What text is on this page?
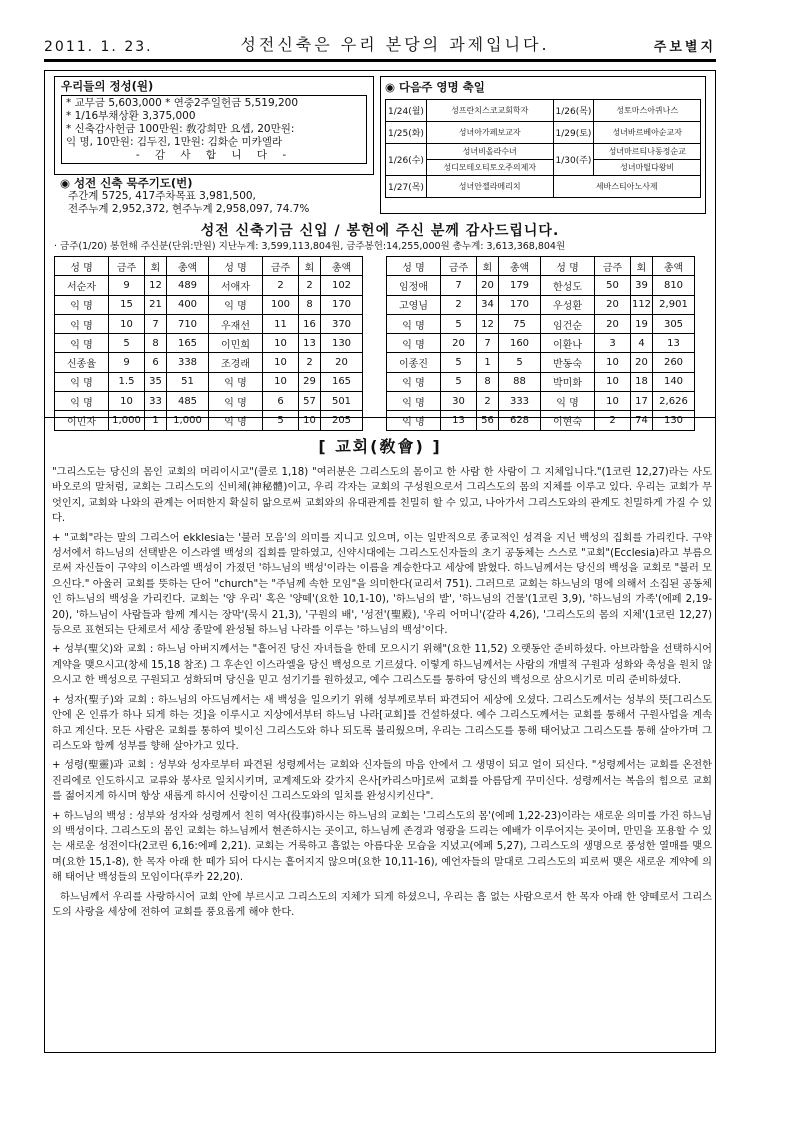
2011. 1. 23.	성전신축은 우리 본당의 과제입니다.	주보별지
우리들의 정성(원)
* 교무금 5,603,000 * 연중2주일헌금 5,519,200
* 1/16부채상환 3,375,000
* 신축감사헌금 100만원: 敎강희만 요셉, 20만원:
익 명, 10만원: 김두진, 1만원: 김화순 미카엘라
- 감 사 합 니 다 -
◉ 성전 신축 묵주기도(번)
주간계 5725, 417주차목표 3,981,500,
전주누계 2,952,372, 현주누계 2,958,097, 74.7%
◉ 다음주 영명 축일
1/24(월)	성프란치스코교회학자	1/26(목)	성토마스아퀴나스
1/25(화)	성녀아가페보교자	1/29(토)	성녀바르베아순교자
1/26(수)	성녀비올라수녀	1/30(주)	성녀마르티나동정순교
	성디모테오티토오주의제자		성녀마틸다왕비
1/27(목)	성녀안젤라메리치	세바스티아노사제	
성전 신축기금 신입 / 봉헌에 주신 분께 감사드립니다.
· 금주(1/20) 봉헌해 주신분(단위:만원) 지난누계: 3,599,113,804원, 금주봉헌:14,255,000원 총누계: 3,613,368,804원
성 명	금주	회	총액	성 명	금주	회	총액
서순자	9	12	489	서애자	2	2	102
익 명	15	21	400	익 명	100	8	170
익 명	10	7	710	우재선	11	16	370
익 명	5	8	165	이민희	10	13	130
신종율	9	6	338	조경래	10	2	20
익 명	1.5	35	51	익 명	10	29	165
익 명	10	33	485	익 명	6	57	501
이민자	1,000	1	1,000	익 명	5	10	205
성 명	금주	회	총액	성 명	금주	회	총액
임정애	7	20	179	한성도	50	39	810
고영님	2	34	170	우성환	20	112	2,901
익 명	5	12	75	임건순	20	19	305
익 명	20	7	160	이환나	3	4	13
이종진	5	1	5	반동숙	10	20	260
익 명	5	8	88	박미화	10	18	140
익 명	30	2	333	익 명	10	17	2,626
익 명	13	56	628	이현숙	2	74	130
[ 교회(敎會) ]

"그리스도는 당신의 몸인 교회의 머리이시고"(콜로 1,18) "여러분은 그리스도의 몸이고 한 사람 한 사람이 그 지체입니다."(1코린 12,27)라는 사도 바오로의 말처럼, 교회는 그리스도의 신비체(神秘體)이고, 우리 각자는 교회의 구성원으로서 그리스도의 몸의 지체를 이루고 있다. 우리는 교회가 무엇인지, 교회와 나와의 관계는 어떠한지 확실히 앎으로써 교회와의 유대관계를 친밀히 할 수 있고, 나아가서 그리스도와의 관계도 친밀하게 가질 수 있다.

+ "교회"라는 말의 그리스어 ekklesia는 '불러 모음'의 의미를 지니고 있으며, 이는 일반적으로 종교적인 성격을 지닌 백성의 집회를 가리킨다. 구약성서에서 하느님의 선택받은 이스라엘 백성의 집회를 말하였고, 신약시대에는 그리스도신자들의 초기 공동체는 스스로 "교회"(Ecclesia)라고 부름으로써 자신들이 구약의 이스라엘 백성이 가졌던 '하느님의 백성'이라는 이름을 계승한다고 세상에 밝혔다. 하느님께서는 당신의 백성을 교회로 "불러 모으신다." 아울러 교회를 뜻하는 단어 "church"는 "주님께 속한 모임"을 의미한다(교리서 751). 그러므로 교회는 하느님의 명에 의해서 소집된 공동체인 하느님의 백성을 가리킨다. 교회는 '양 우리' 혹은 '양떼'(요한 10,1-10), '하느님의 밭', '하느님의 건물'(1코린 3,9), '하느님의 가족'(에페 2,19-20), '하느님이 사람들과 함께 계시는 장막'(묵시 21,3), '구원의 배', '성전'(聖殿), '우리 어머니'(갈라 4,26), '그리스도의 몸의 지체'(1코린 12,27) 등으로 표현되는 단체로서 세상 종말에 완성될 하느님 나라를 이루는 '하느님의 백성'이다.

+ 성부(聖父)와 교회 : 하느님 아버지께서는 "흩어진 당신 자녀들을 한데 모으시기 위해"(요한 11,52) 오랫동안 준비하셨다. 아브라함을 선택하시어 계약을 맺으시고(창세 15,18 참조) 그 후손인 이스라엘을 당신 백성으로 기르셨다. 이렇게 하느님께서는 사람의 개별적 구원과 성화와 축성을 원치 않으시고 한 백성으로 구원되고 성화되며 당신을 믿고 섬기기를 원하셨고, 예수 그리스도를 통하여 당신의 백성으로 삼으시기로 미리 준비하셨다.

+ 성자(聖子)와 교회 : 하느님의 아드님께서는 새 백성을 일으키기 위해 성부께로부터 파견되어 세상에 오셨다. 그리스도께서는 성부의 뜻[그리스도 안에 온 인류가 하나 되게 하는 것]을 이루시고 지상에서부터 하느님 나라[교회]를 건설하셨다. 예수 그리스도께서는 교회를 통해서 구원사업을 계속하고 계신다. 모든 사람은 교회를 통하여 빛이신 그리스도와 하나 되도록 불리웠으며, 우리는 그리스도를 통해 태어났고 그리스도를 통해 살아가며 그리스도와 함께 성부를 향해 살아가고 있다.

+ 성령(聖靈)과 교회 : 성부와 성자로부터 파견된 성령께서는 교회와 신자들의 마음 안에서 그 생명이 되고 얼이 되신다. "성령께서는 교회를 온전한 진리에로 인도하시고 교류와 봉사로 일치시키며, 교계제도와 갖가지 은사[카리스마]로써 교회를 아름답게 꾸미신다. 성령께서는 복음의 힘으로 교회를 젊어지게 하시며 항상 새롭게 하시어 신랑이신 그리스도와의 일치를 완성시키신다".

+ 하느님의 백성 : 성부와 성자와 성령께서 친히 역사(役事)하시는 하느님의 교회는 '그리스도의 몸'(에페 1,22-23)이라는 새로운 의미를 가진 하느님의 백성이다. 그리스도의 몸인 교회는 하느님께서 현존하시는 곳이고, 하느님께 존경과 영광을 드리는 예배가 이루어지는 곳이며, 만민을 포용할 수 있는 새로운 성전이다(2코린 6,16:에페 2,21). 교회는 거룩하고 흠없는 아름다운 모습을 지녔고(에페 5,27), 그리스도의 생명으로 풍성한 열매를 맺으며(요한 15,1-8), 한 목자 아래 한 떼가 되어 다시는 흩어지지 않으며(요한 10,11-16), 예언자들의 말대로 그리스도의 피로써 맺은 새로운 계약에 의해 태어난 백성들의 모임이다(루카 22,20).

하느님께서 우리를 사랑하시어 교회 안에 부르시고 그리스도의 지체가 되게 하셨으니, 우리는 흠 없는 사람으로서 한 목자 아래 한 양떼로서 그리스도의 사랑을 세상에 전하여 교회를 풍요롭게 해야 한다.
